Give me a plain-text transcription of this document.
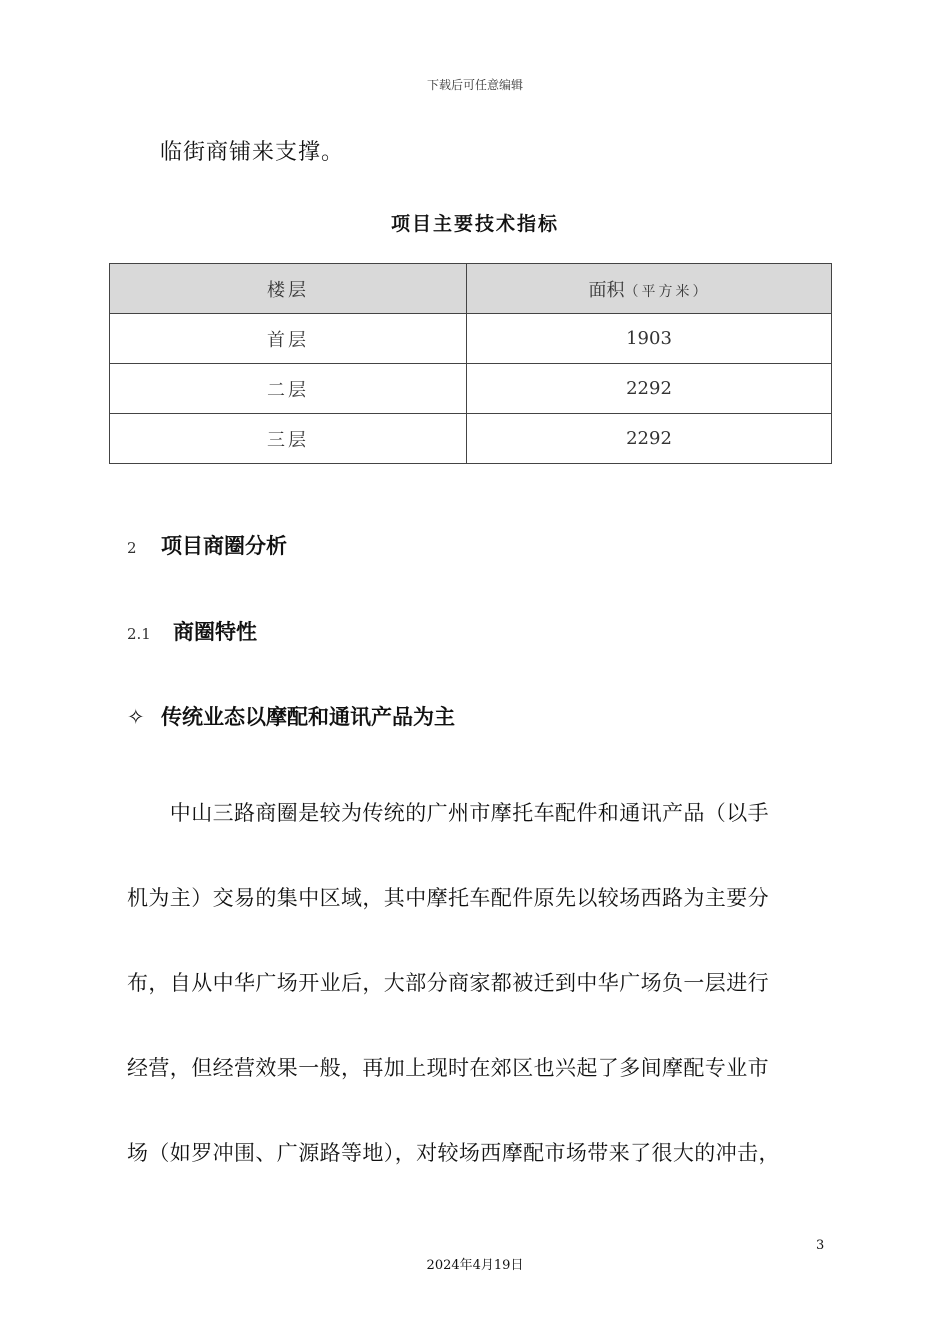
下载后可任意编辑
临街商铺来支撑。
项目主要技术指标
楼层	面积（平方米）
首层	1903
二层	2292
三层	2292
2 项目商圈分析
2.1 商圈特性
✧ 传统业态以摩配和通讯产品为主
　　中山三路商圈是较为传统的广州市摩托车配件和通讯产品（以手
机为主）交易的集中区域，其中摩托车配件原先以较场西路为主要分
布，自从中华广场开业后，大部分商家都被迁到中华广场负一层进行
经营，但经营效果一般，再加上现时在郊区也兴起了多间摩配专业市
场（如罗冲围、广源路等地），对较场西摩配市场带来了很大的冲击，
3
2024年4月19日
